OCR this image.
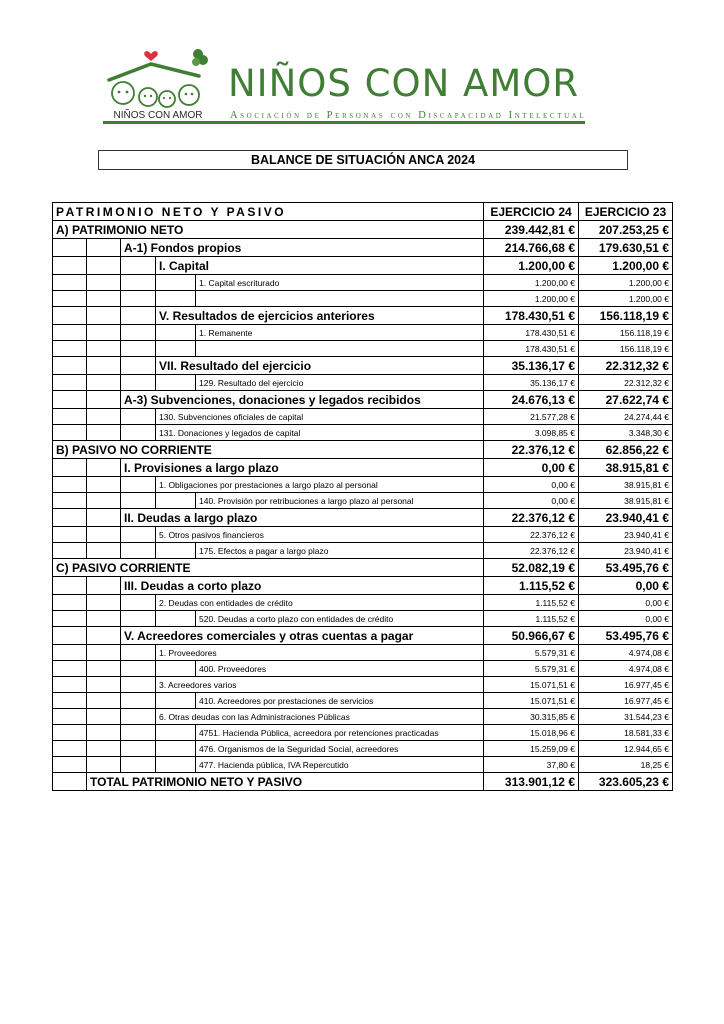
NIÑOS CON AMOR
NIÑOS CON AMOR
Asociación de Personas con Discapacidad Intelectual
BALANCE DE SITUACIÓN ANCA 2024
PATRIMONIO NETO Y PASIVO					EJERCICIO 24	EJERCICIO 23
A) PATRIMONIO NETO					239.442,81 €	207.253,25 €
		A-1) Fondos propios			214.766,68 €	179.630,51 €
			I. Capital		1.200,00 €	1.200,00 €
				1. Capital escriturado	1.200,00 €	1.200,00 €
					1.200,00 €	1.200,00 €
			V. Resultados de ejercicios anteriores		178.430,51 €	156.118,19 €
				1. Remanente	178.430,51 €	156.118,19 €
					178.430,51 €	156.118,19 €
			VII. Resultado del ejercicio		35.136,17 €	22.312,32 €
				129. Resultado del ejercicio	35.136,17 €	22.312,32 €
		A-3) Subvenciones, donaciones y legados recibidos			24.676,13 €	27.622,74 €
			130. Subvenciones oficiales de capital		21.577,28 €	24.274,44 €
			131. Donaciones y legados de capital		3.098,85 €	3.348,30 €
B) PASIVO NO CORRIENTE					22.376,12 €	62.856,22 €
		I. Provisiones a largo plazo			0,00 €	38.915,81 €
			1. Obligaciones por prestaciones a largo plazo al personal		0,00 €	38.915,81 €
				140. Provisión por retribuciones a largo plazo al personal	0,00 €	38.915,81 €
		II. Deudas a largo plazo			22.376,12 €	23.940,41 €
			5. Otros pasivos financieros		22.376,12 €	23.940,41 €
				175. Efectos a pagar a largo plazo	22.376,12 €	23.940,41 €
C) PASIVO CORRIENTE					52.082,19 €	53.495,76 €
		III. Deudas a corto plazo			1.115,52 €	0,00 €
			2. Deudas con entidades de crédito		1.115,52 €	0,00 €
				520. Deudas a corto plazo con entidades de crédito	1.115,52 €	0,00 €
		V. Acreedores comerciales y otras cuentas a pagar			50.966,67 €	53.495,76 €
			1. Proveedores		5.579,31 €	4.974,08 €
				400. Proveedores	5.579,31 €	4.974,08 €
			3. Acreedores varios		15.071,51 €	16.977,45 €
				410. Acreedores por prestaciones de servicios	15.071,51 €	16.977,45 €
			6. Otras deudas con las Administraciones Públicas		30.315,85 €	31.544,23 €
				4751. Hacienda Pública, acreedora por retenciones practicadas	15.018,96 €	18.581,33 €
				476. Organismos de la Seguridad Social, acreedores	15.259,09 €	12.944,65 €
				477. Hacienda pública, IVA Repercutido	37,80 €	18,25 €
	TOTAL PATRIMONIO NETO Y PASIVO				313.901,12 €	323.605,23 €
